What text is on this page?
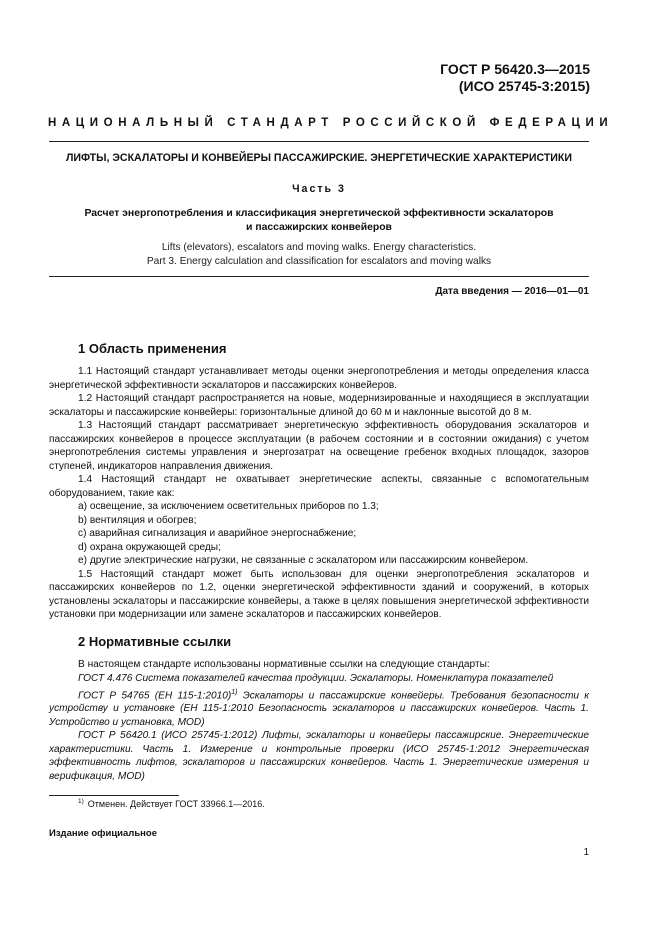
ГОСТ Р 56420.3—2015
(ИСО 25745-3:2015)
НАЦИОНАЛЬНЫЙ СТАНДАРТ РОССИЙСКОЙ ФЕДЕРАЦИИ
ЛИФТЫ, ЭСКАЛАТОРЫ И КОНВЕЙЕРЫ ПАССАЖИРСКИЕ. ЭНЕРГЕТИЧЕСКИЕ ХАРАКТЕРИСТИКИ
Часть 3
Расчет энергопотребления и классификация энергетической эффективности эскалаторов
и пассажирских конвейеров
Lifts (elevators), escalators and moving walks. Energy characteristics.
Part 3. Energy calculation and classification for escalators and moving walks
Дата введения — 2016—01—01
1 Область применения

1.1 Настоящий стандарт устанавливает методы оценки энергопотребления и методы определения класса энергетической эффективности эскалаторов и пассажирских конвейеров.

1.2 Настоящий стандарт распространяется на новые, модернизированные и находящиеся в эксплуатации эскалаторы и пассажирские конвейеры: горизонтальные длиной до 60 м и наклонные высотой до 8 м.

1.3 Настоящий стандарт рассматривает энергетическую эффективность оборудования эскалаторов и пассажирских конвейеров в процессе эксплуатации (в рабочем состоянии и в состоянии ожидания) с учетом энергопотребления системы управления и энергозатрат на освещение гребенок входных площадок, зазоров ступеней, индикаторов направления движения.

1.4 Настоящий стандарт не охватывает энергетические аспекты, связанные с вспомогательным оборудованием, такие как:

a) освещение, за исключением осветительных приборов по 1.3;

b) вентиляция и обогрев;

c) аварийная сигнализация и аварийное энергоснабжение;

d) охрана окружающей среды;

e) другие электрические нагрузки, не связанные с эскалатором или пассажирским конвейером.

1.5 Настоящий стандарт может быть использован для оценки энергопотребления эскалаторов и пассажирских конвейеров по 1.2, оценки энергетической эффективности зданий и сооружений, в которых установлены эскалаторы и пассажирские конвейеры, а также в целях повышения энергетической эффективности установки при модернизации или замене эскалаторов и пассажирских конвейеров.

2 Нормативные ссылки

В настоящем стандарте использованы нормативные ссылки на следующие стандарты:

ГОСТ 4.476 Система показателей качества продукции. Эскалаторы. Номенклатура показателей

ГОСТ Р 54765 (ЕН 115-1:2010)$^{1)}$ Эскалаторы и пассажирские конвейеры. Требования безопасности к устройству и установке (ЕН 115-1:2010 Безопасность эскалаторов и пассажирских конвейеров. Часть 1. Устройство и установка, MOD)

ГОСТ Р 56420.1 (ИСО 25745-1:2012) Лифты, эскалаторы и конвейеры пассажирские. Энергетические характеристики. Часть 1. Измерение и контрольные проверки (ИСО 25745-1:2012 Энергетическая эффективность лифтов, эскалаторов и пассажирских конвейеров. Часть 1. Энергетические измерения и верификация, MOD)

$^{1)}$ Отменен. Действует ГОСТ 33966.1—2016.
Издание официальное
1
